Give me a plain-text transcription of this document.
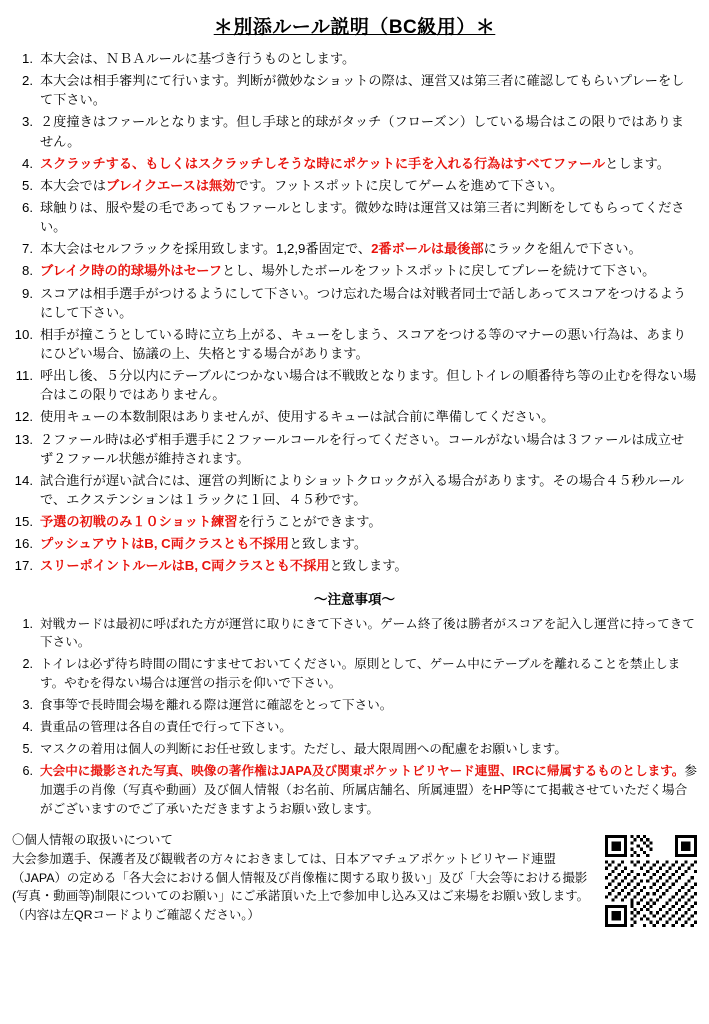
＊別添ルール説明（BC級用）＊
1. 本大会は、ＮＢＡルールに基づき行うものとします。
2. 本大会は相手審判にて行います。判断が微妙なショットの際は、運営又は第三者に確認してもらいプレーをして下さい。
3. ２度撞きはファールとなります。但し手球と的球がタッチ（フローズン）している場合はこの限りではありません。
4. スクラッチする、もしくはスクラッチしそうな時にポケットに手を入れる行為はすべてファールとします。
5. 本大会ではブレイクエースは無効です。フットスポットに戻してゲームを進めて下さい。
6. 球触りは、服や髪の毛であってもファールとします。微妙な時は運営又は第三者に判断をしてもらってください。
7. 本大会はセルフラックを採用致します。1,2,9番固定で、2番ボールは最後部にラックを組んで下さい。
8. ブレイク時の的球場外はセーフとし、場外したボールをフットスポットに戻してプレーを続けて下さい。
9. スコアは相手選手がつけるようにして下さい。つけ忘れた場合は対戦者同士で話しあってスコアをつけるようにして下さい。
10. 相手が撞こうとしている時に立ち上がる、キューをしまう、スコアをつける等のマナーの悪い行為は、あまりにひどい場合、協議の上、失格とする場合があります。
11. 呼出し後、５分以内にテーブルにつかない場合は不戦敗となります。但しトイレの順番待ち等の止むを得ない場合はこの限りではありません。
12. 使用キューの本数制限はありませんが、使用するキューは試合前に準備してください。
13. ２ファール時は必ず相手選手に２ファールコールを行ってください。コールがない場合は３ファールは成立せず２ファール状態が維持されます。
14. 試合進行が遅い試合には、運営の判断によりショットクロックが入る場合があります。その場合４５秒ルールで、エクステンションは１ラックに１回、４５秒です。
15. 予選の初戦のみ１０ショット練習を行うことができます。
16. プッシュアウトはB, C両クラスとも不採用と致します。
17. スリーポイントルールはB, C両クラスとも不採用と致します。
〜注意事項〜
1. 対戦カードは最初に呼ばれた方が運営に取りにきて下さい。ゲーム終了後は勝者がスコアを記入し運営に持ってきて下さい。
2. トイレは必ず待ち時間の間にすませておいてください。原則として、ゲーム中にテーブルを離れることを禁止します。やむを得ない場合は運営の指示を仰いで下さい。
3. 食事等で長時間会場を離れる際は運営に確認をとって下さい。
4. 貴重品の管理は各自の責任で行って下さい。
5. マスクの着用は個人の判断にお任せ致します。ただし、最大限周囲への配慮をお願いします。
6. 大会中に撮影された写真、映像の著作権はJAPA及び関東ポケットビリヤード連盟、IRCに帰属するものとします。参加選手の肖像（写真や動画）及び個人情報（お名前、所属店舗名、所属連盟）をHP等にて掲載させていただく場合がございますのでご了承いただきますようお願い致します。
〇個人情報の取扱いについて
大会参加選手、保護者及び観戦者の方々におきましては、日本アマチュアポケットビリヤード連盟（JAPA）の定める「各大会における個人情報及び肖像権に関する取り扱い」及び「大会等における撮影(写真・動画等)制限についてのお願い」にご承諾頂いた上で参加申し込み又はご来場をお願い致します。（内容は左QRコードよりご確認ください。）
